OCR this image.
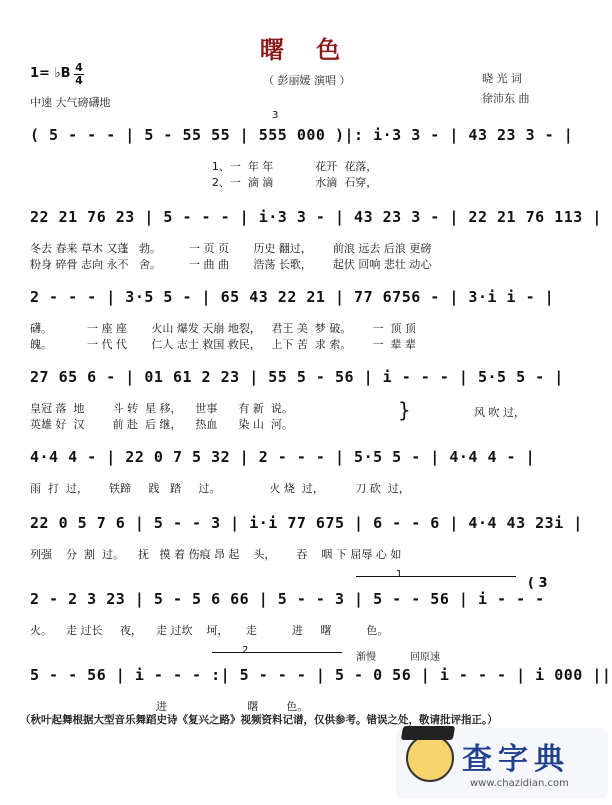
曙 色
1= ♭B 4
4
中速 大气磅礴地
（ 彭丽媛 演唱 ）	晓 光 词
徐沛东 曲
3
( 5 - - - | 5 - 55 55 | 555 000 )|: i·3 3 - | 43 23 3 - |
1、一  年 年            花开  花落，
2、一  滴 滴            水滴  石穿，
22 21 76 23 | 5 - - - | i·3 3 - | 43 23 3 - | 22 21 76 113 |
冬去 春来 草木 又蓬   勃。        一 页 页       历史 翻过，      前浪 远去 后浪 更磅
粉身 碎骨 志向 永不   舍。        一 曲 曲       浩荡 长歌，      起伏 回响 悲壮 动心
2 - - - | 3·5 5 - | 65 43 22 21 | 77 6756 - | 3·i i - |
礴。          一 座 座       火山 爆发 天崩 地裂，   君王 美  梦 破。      一  顶 顶
魄。          一 代 代       仁人 志士 救国 救民，   上下 苦  求 索。      一  辈 辈
27 65 6 - | 01 61 2 23 | 55 5 - 56 | i - - - | 5·5 5 - |
皇冠 落  地        斗 转  星 移，    世事      有 新  说。
英雄 好  汉        前 赴  后 继，    热血      染 山  河。
}	风 吹 过，
4·4 4 - | 22 0 7 5 32 | 2 - - - | 5·5 5 - | 4·4 4 - |
雨  打  过，      铁蹄     践   踏     过。              火 烧  过，         刀 砍  过，
22 0 5 7 6 | 5 - - 3 | i·i 77 675 | 6 - - 6 | 4·4 43 23i |
列强    分  割  过。    抚   摸 着 伤痕 昂 起    头，      吞    咽 下 屈辱 心 如
1
( 3
2 - 2 3 23 | 5 - 5 6 66 | 5 - - 3 | 5 - - 56 | i - - -
火。    走 过长     夜，    走 过坎    坷，     走          进     曙          色。
2
渐慢	回原速
5 - - 56 | i - - - :| 5 - - - | 5 - 0 56 | i - - - | i 000 ||
进                       曙        色。
（秋叶起舞根据大型音乐舞蹈史诗《复兴之路》视频资料记谱，仅供参考。错误之处，敬请批评指正。）
查字典
www.chazidian.com
